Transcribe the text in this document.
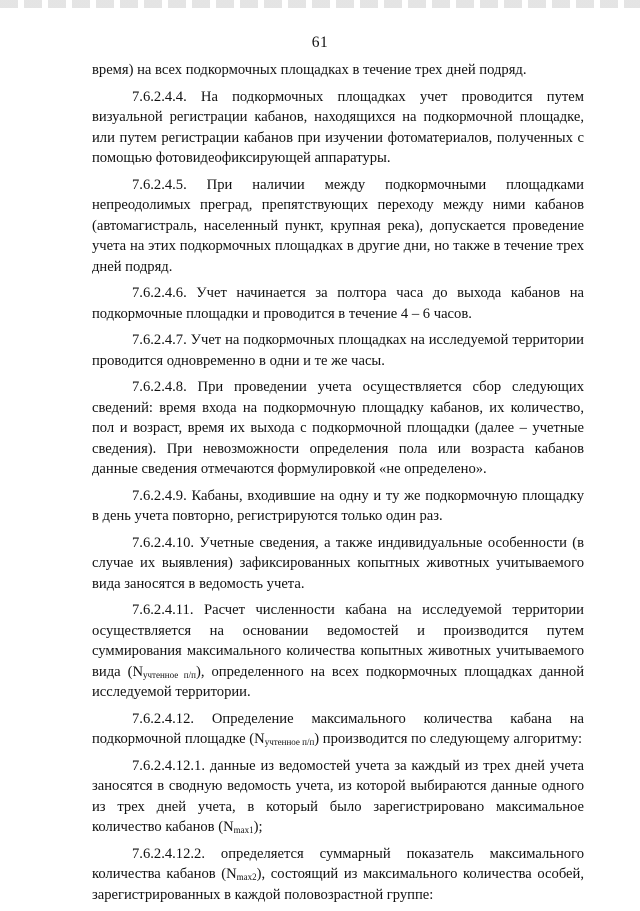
61

время) на всех подкормочных площадках в течение трех дней подряд.

7.6.2.4.4. На подкормочных площадках учет проводится путем визуальной регистрации кабанов, находящихся на подкормочной площадке, или путем регистрации кабанов при изучении фотоматериалов, полученных с помощью фотовидеофиксирующей аппаратуры.

7.6.2.4.5. При наличии между подкормочными площадками непреодолимых преград, препятствующих переходу между ними кабанов (автомагистраль, населенный пункт, крупная река), допускается проведение учета на этих подкормочных площадках в другие дни, но также в течение трех дней подряд.

7.6.2.4.6. Учет начинается за полтора часа до выхода кабанов на подкормочные площадки и проводится в течение 4 – 6 часов.

7.6.2.4.7. Учет на подкормочных площадках на исследуемой территории проводится одновременно в одни и те же часы.

7.6.2.4.8. При проведении учета осуществляется сбор следующих сведений: время входа на подкормочную площадку кабанов, их количество, пол и возраст, время их выхода с подкормочной площадки (далее – учетные сведения). При невозможности определения пола или возраста кабанов данные сведения отмечаются формулировкой «не определено».

7.6.2.4.9. Кабаны, входившие на одну и ту же подкормочную площадку в день учета повторно, регистрируются только один раз.

7.6.2.4.10. Учетные сведения, а также индивидуальные особенности (в случае их выявления) зафиксированных копытных животных учитываемого вида заносятся в ведомость учета.

7.6.2.4.11. Расчет численности кабана на исследуемой территории осуществляется на основании ведомостей и производится путем суммирования максимального количества копытных животных учитываемого вида $(N_{учтенное п/п})$, определенного на всех подкормочных площадках данной исследуемой территории.

7.6.2.4.12. Определение максимального количества кабана на подкормочной площадке $(N_{учтенное п/п})$ производится по следующему алгоритму:

7.6.2.4.12.1. данные из ведомостей учета за каждый из трех дней учета заносятся в сводную ведомость учета, из которой выбираются данные одного из трех дней учета, в который было зарегистрировано максимальное количество кабанов $(N_{max1})$;

7.6.2.4.12.2. определяется суммарный показатель максимального количества кабанов $(N_{max2})$, состоящий из максимального количества особей, зарегистрированных в каждой половозрастной группе:
